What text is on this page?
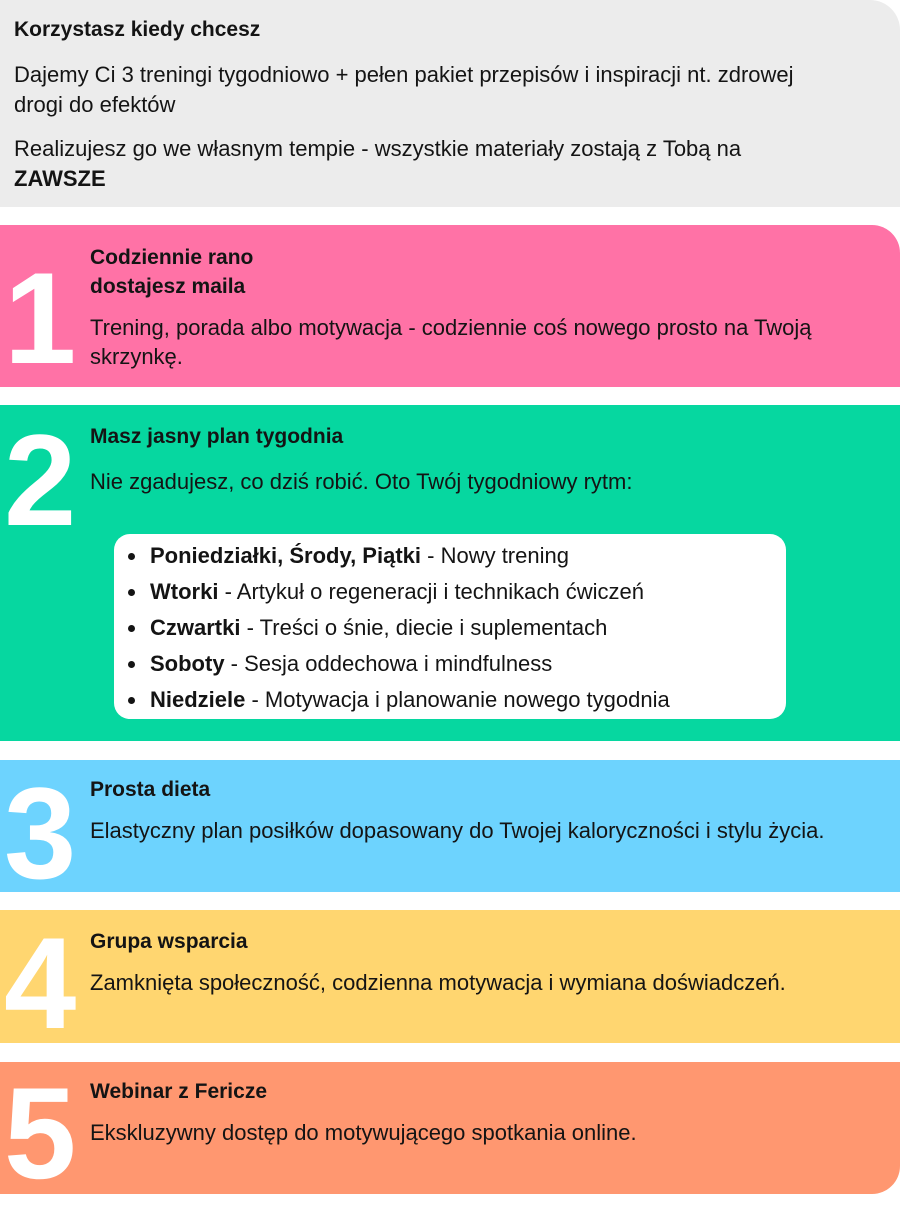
Korzystasz kiedy chcesz

Dajemy Ci 3 treningi tygodniowo + pełen pakiet przepisów i inspiracji nt. zdrowej drogi do efektów

Realizujesz go we własnym tempie - wszystkie materiały zostają z Tobą na ZAWSZE

1 Codziennie rano
dostajesz maila

Trening, porada albo motywacja - codziennie coś nowego prosto na Twoją skrzynkę.

2 Masz jasny plan tygodnia

Nie zgadujesz, co dziś robić. Oto Twój tygodniowy rytm:

Poniedziałki, Środy, Piątki - Nowy trening
Wtorki - Artykuł o regeneracji i technikach ćwiczeń
Czwartki - Treści o śnie, diecie i suplementach
Soboty - Sesja oddechowa i mindfulness
Niedziele - Motywacja i planowanie nowego tygodnia
3 Prosta dieta

Elastyczny plan posiłków dopasowany do Twojej kaloryczności i stylu życia.

4 Grupa wsparcia

Zamknięta społeczność, codzienna motywacja i wymiana doświadczeń.

5 Webinar z Fericze

Ekskluzywny dostęp do motywującego spotkania online.
